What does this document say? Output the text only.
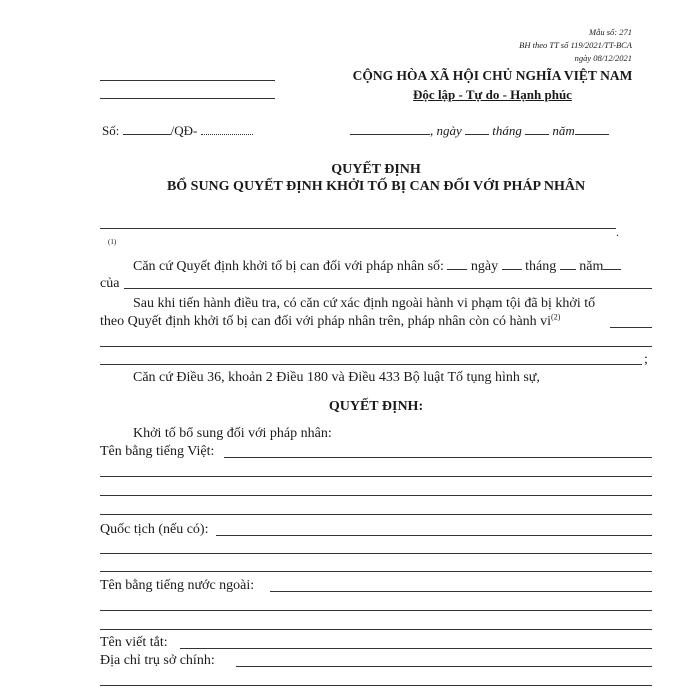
Mẫu số: 271
BH theo TT số 119/2021/TT-BCA
ngày 08/12/2021
CỘNG HÒA XÃ HỘI CHỦ NGHĨA VIỆT NAM
Độc lập - Tự do - Hạnh phúc
Số:	/QĐ-	, ngày tháng năm
QUYẾT ĐỊNH
BỔ SUNG QUYẾT ĐỊNH KHỞI TỐ BỊ CAN ĐỐI VỚI PHÁP NHÂN
.
(1)
Căn cứ Quyết định khởi tố bị can đối với pháp nhân số: ngày tháng năm
của
Sau khi tiến hành điều tra, có căn cứ xác định ngoài hành vi phạm tội đã bị khởi tố
theo Quyết định khởi tố bị can đối với pháp nhân trên, pháp nhân còn có hành $vi^{(2)}$
;
Căn cứ Điều 36, khoản 2 Điều 180 và Điều 433 Bộ luật Tố tụng hình sự,
QUYẾT ĐỊNH:
Khởi tố bổ sung đối với pháp nhân:
Tên bằng tiếng Việt:
Quốc tịch (nếu có):
Tên bằng tiếng nước ngoài:
Tên viết tắt:
Địa chỉ trụ sở chính:
